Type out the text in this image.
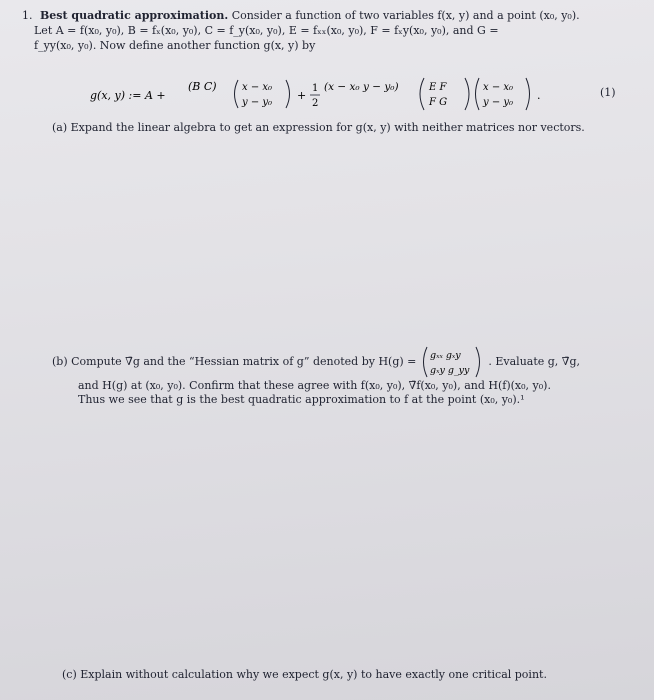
1. Best quadratic approximation. Consider a function of two variables f(x, y) and a point (x₀, y₀).
Let A = f(x₀, y₀), B = fₓ(x₀, y₀), C = f_y(x₀, y₀), E = fₓₓ(x₀, y₀), F = fₓy(x₀, y₀), and G =
f_yy(x₀, y₀). Now define another function g(x, y) by
g(x, y) := A +
(B C)	x − x₀
y − y₀
+
1
2
(x − x₀ y − y₀)	E F
F G
x − x₀
y − y₀
.	(1)
(a) Expand the linear algebra to get an expression for g(x, y) with neither matrices nor vectors.
(b) Compute ∇̄g and the “Hessian matrix of g” denoted by H(g) = gₓₓ gₓy
gₓy g_yy
. Evaluate g, ∇̄g,
and H(g) at (x₀, y₀). Confirm that these agree with f(x₀, y₀), ∇̄f(x₀, y₀), and H(f)(x₀, y₀).
Thus we see that g is the best quadratic approximation to f at the point (x₀, y₀).¹
(c) Explain without calculation why we expect g(x, y) to have exactly one critical point.
